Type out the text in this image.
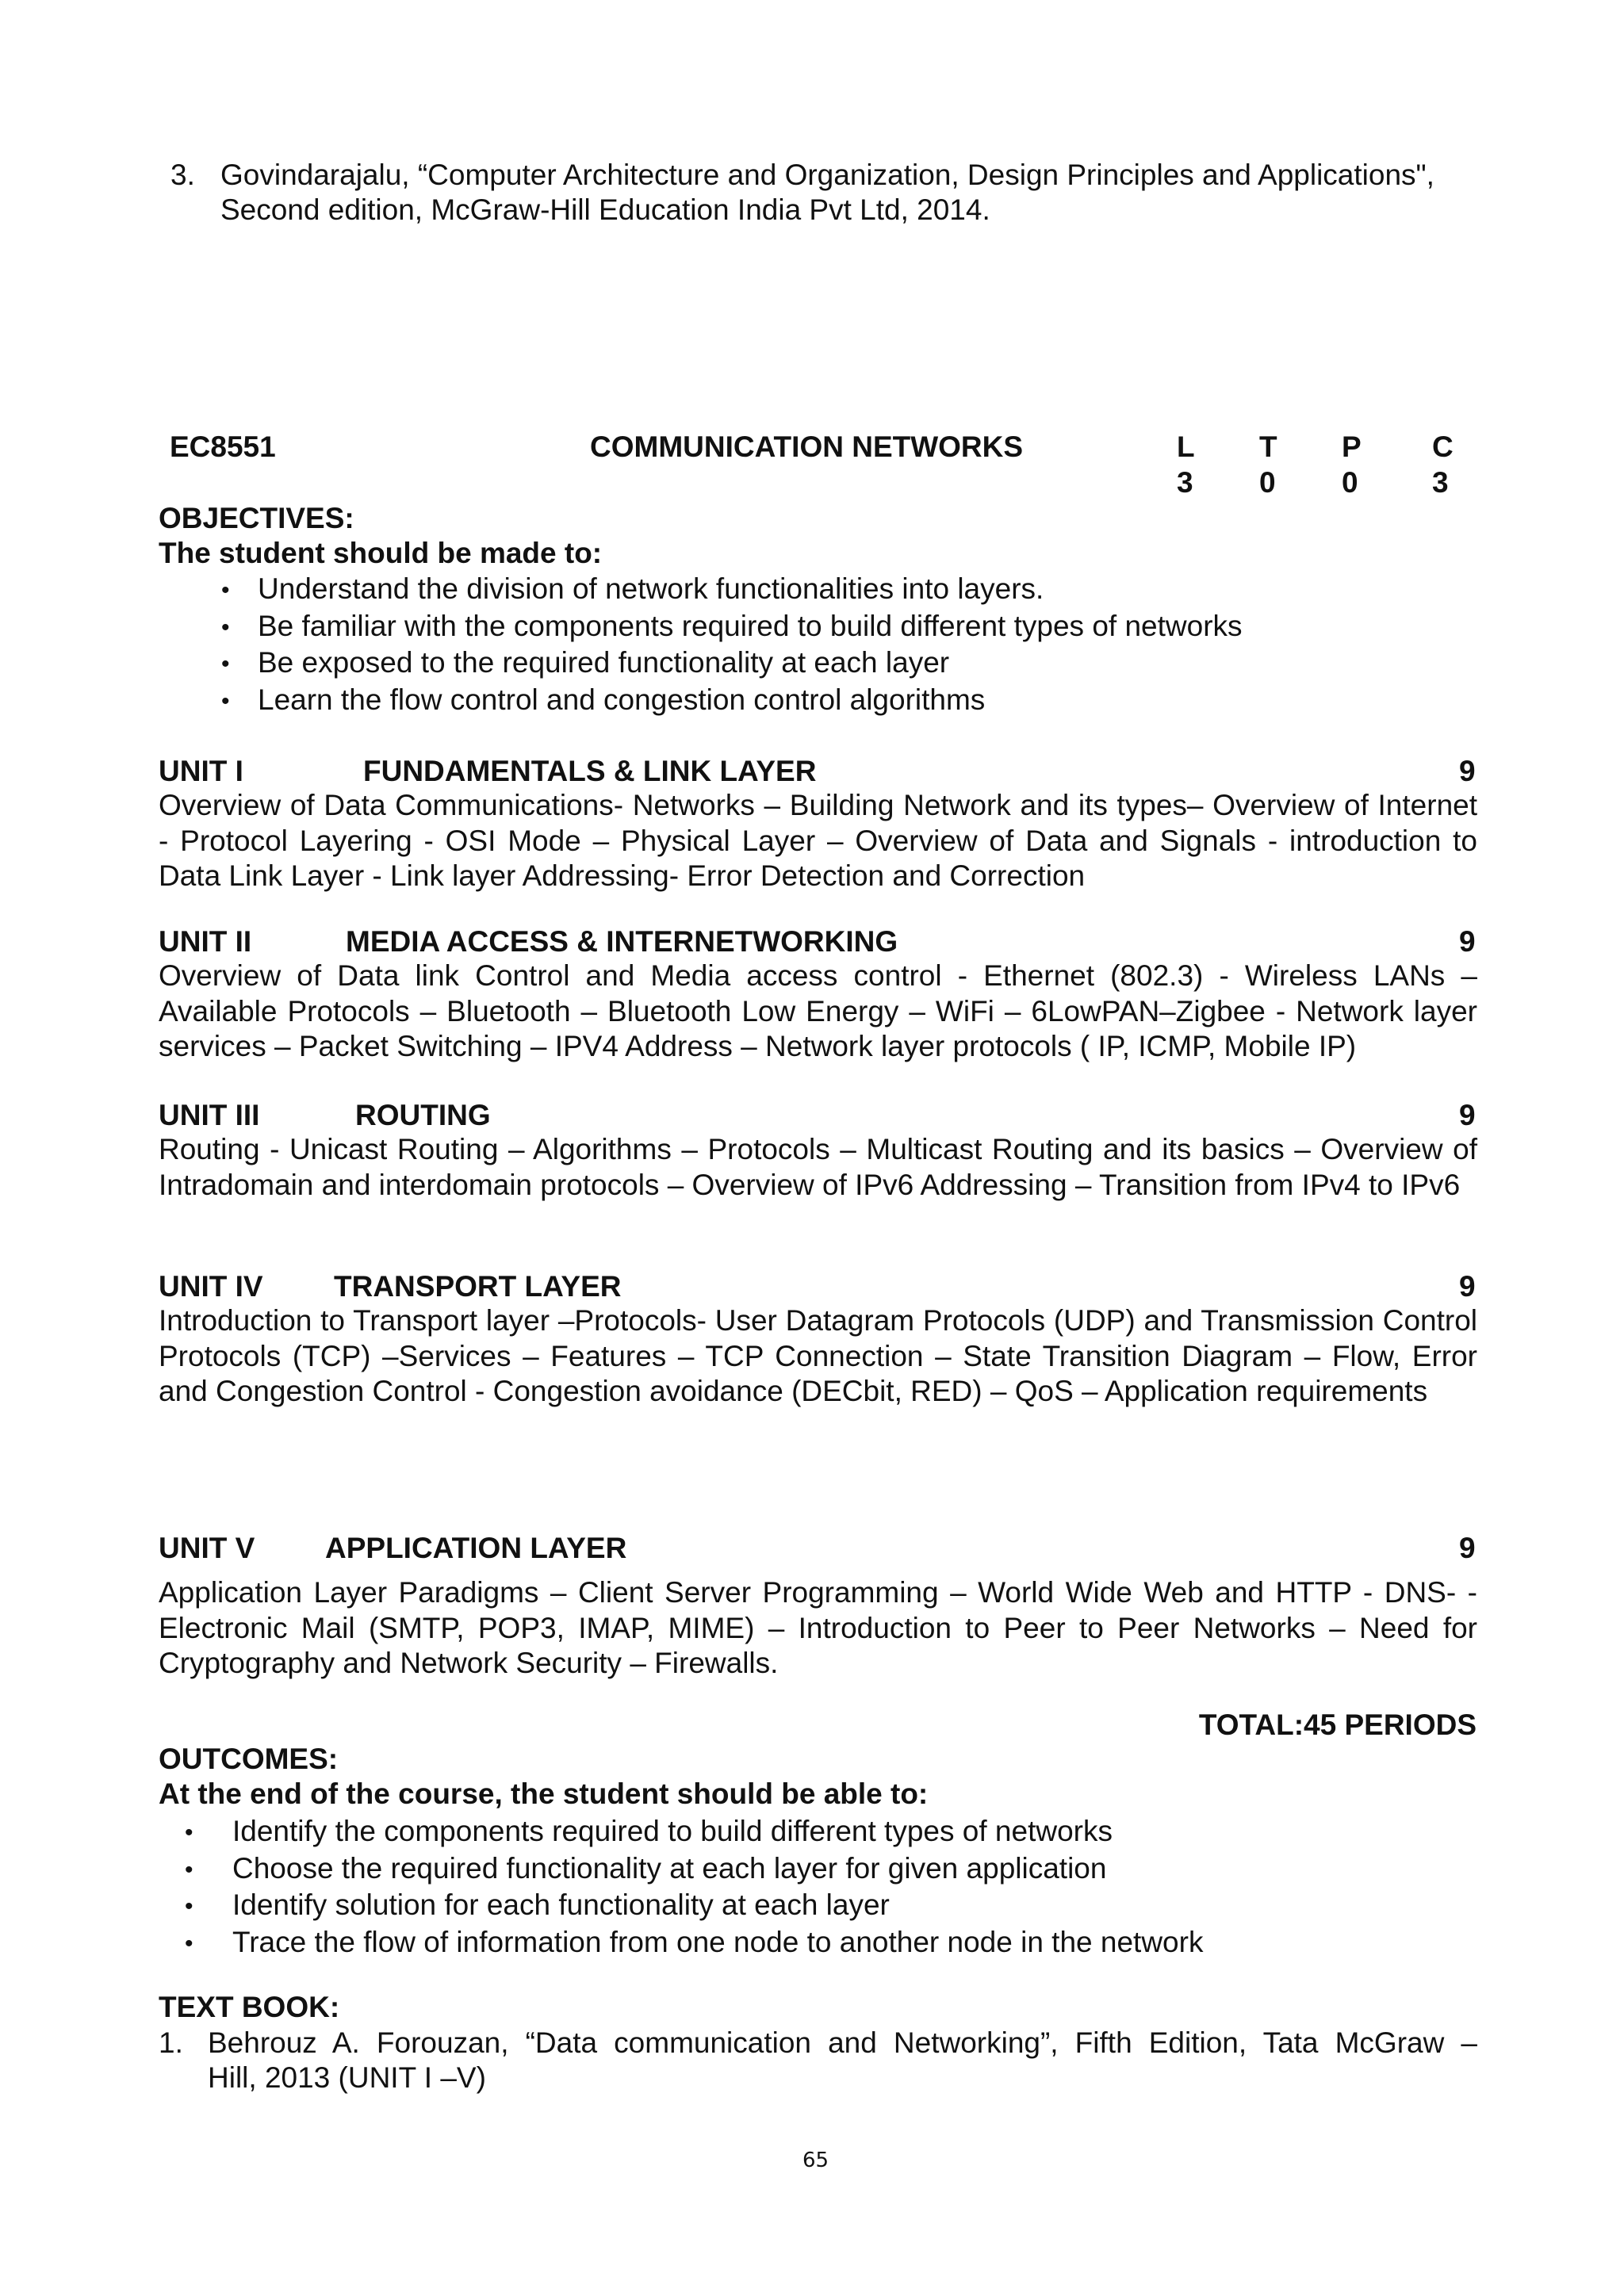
3. Govindarajalu, “Computer Architecture and Organization, Design Principles and Applications",
Second edition, McGraw-Hill Education India Pvt Ltd, 2014.
EC8551	COMMUNICATION NETWORKS	L T P C
3 0 0	3
OBJECTIVES:
The student should be made to:
• Understand the division of network functionalities into layers.
• Be familiar with the components required to build different types of networks
• Be exposed to the required functionality at each layer
• Learn the flow control and congestion control algorithms
UNIT I	FUNDAMENTALS & LINK LAYER	9
Overview of Data Communications- Networks – Building Network and its types– Overview of Internet - Protocol Layering - OSI Mode – Physical Layer – Overview of Data and Signals - introduction to Data Link Layer - Link layer Addressing- Error Detection and Correction
UNIT II	MEDIA ACCESS & INTERNETWORKING	9
Overview of Data link Control and Media access control - Ethernet (802.3) - Wireless LANs – Available Protocols – Bluetooth – Bluetooth Low Energy – WiFi – 6LowPAN–Zigbee - Network layer services – Packet Switching – IPV4 Address – Network layer protocols ( IP, ICMP, Mobile IP)
UNIT III	ROUTING	9
Routing - Unicast Routing – Algorithms – Protocols – Multicast Routing and its basics – Overview of Intradomain and interdomain protocols – Overview of IPv6 Addressing – Transition from IPv4 to IPv6
UNIT IV TRANSPORT LAYER	9
Introduction to Transport layer –Protocols- User Datagram Protocols (UDP) and Transmission Control Protocols (TCP) –Services – Features – TCP Connection – State Transition Diagram – Flow, Error and Congestion Control - Congestion avoidance (DECbit, RED) – QoS – Application requirements
UNIT V APPLICATION LAYER	9
Application Layer Paradigms – Client Server Programming – World Wide Web and HTTP - DNS- - Electronic Mail (SMTP, POP3, IMAP, MIME) – Introduction to Peer to Peer Networks – Need for Cryptography and Network Security – Firewalls.
TOTAL:45 PERIODS
OUTCOMES:
At the end of the course, the student should be able to:
• Identify the components required to build different types of networks
• Choose the required functionality at each layer for given application
• Identify solution for each functionality at each layer
• Trace the flow of information from one node to another node in the network
TEXT BOOK:
1. Behrouz A. Forouzan, “Data communication and Networking”, Fifth Edition, Tata McGraw –
Hill, 2013 (UNIT I –V)
65
